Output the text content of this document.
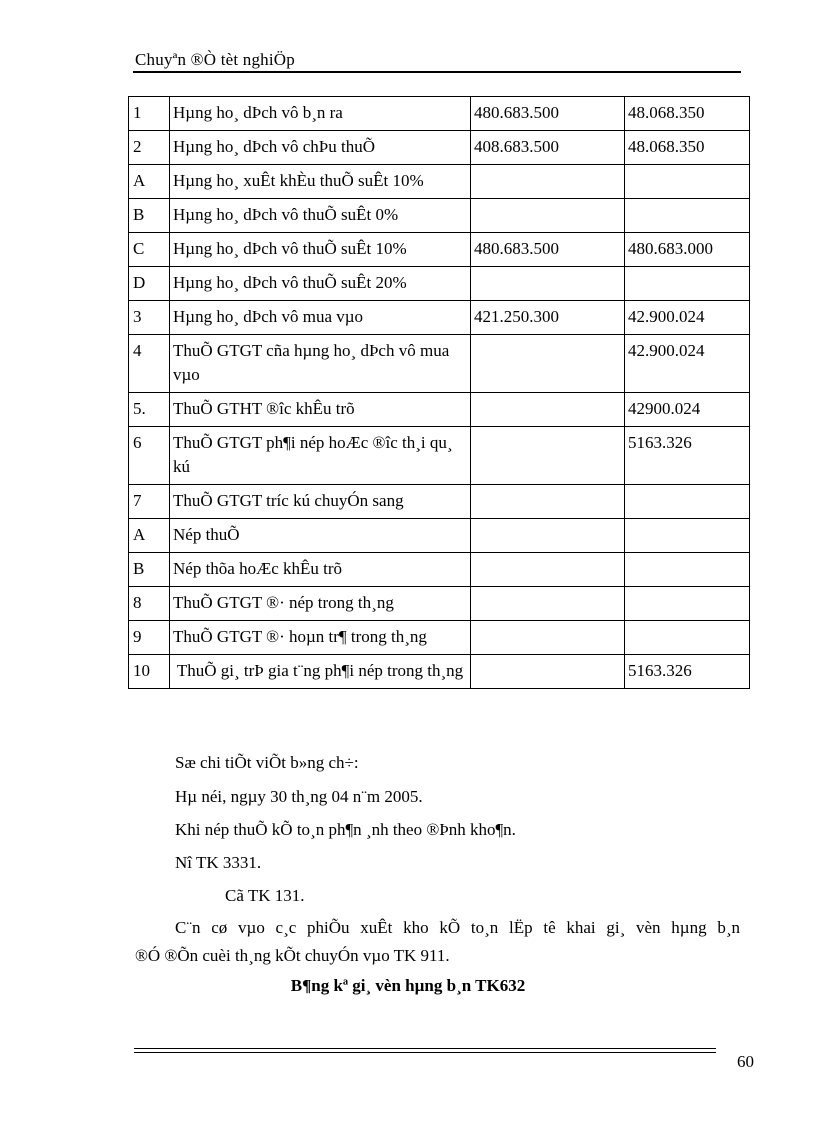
Chuyªn ®Ò tèt nghiÖp
1	Hµng ho¸ dÞch vô b¸n ra	480.683.500	48.068.350
2	Hµng ho¸ dÞch vô chÞu thuÕ	408.683.500	48.068.350
A	Hµng ho¸ xuÊt khÈu thuÕ suÊt 10%		
B	Hµng ho¸ dÞch vô thuÕ suÊt 0%		
C	Hµng ho¸ dÞch vô thuÕ suÊt 10%	480.683.500	480.683.000
D	Hµng ho¸ dÞch vô thuÕ suÊt 20%		
3	Hµng ho¸ dÞch vô mua vµo	421.250.300	42.900.024
4	ThuÕ GTGT cña hµng ho¸ dÞch vô mua vµo		42.900.024
5.	ThuÕ GTHT ®îc khÊu trõ		42900.024
6	ThuÕ GTGT ph¶i nép hoÆc ®îc th¸i qu¸ kú		5163.326
7	ThuÕ GTGT tríc kú chuyÓn sang		
A	Nép thuÕ		
B	Nép thõa hoÆc khÊu trõ		
8	ThuÕ GTGT ®· nép trong th¸ng		
9	ThuÕ GTGT ®· hoµn tr¶ trong th¸ng		
10	ThuÕ gi¸ trÞ gia t¨ng ph¶i nép trong th¸ng		5163.326
Sæ chi tiÕt viÕt b»ng ch÷:
Hµ néi, ngµy 30 th¸ng 04 n¨m 2005.
Khi nép thuÕ kÕ to¸n ph¶n ¸nh theo ®Þnh kho¶n.
Nî TK 3331.
Cã TK 131.
C¨n cø vµo c¸c phiÕu xuÊt kho kÕ to¸n lËp tê khai gi¸ vèn hµng b¸n
®Ó ®Õn cuèi th¸ng kÕt chuyÓn vµo TK 911.
B¶ng kª gi¸ vèn hµng b¸n TK632
60
